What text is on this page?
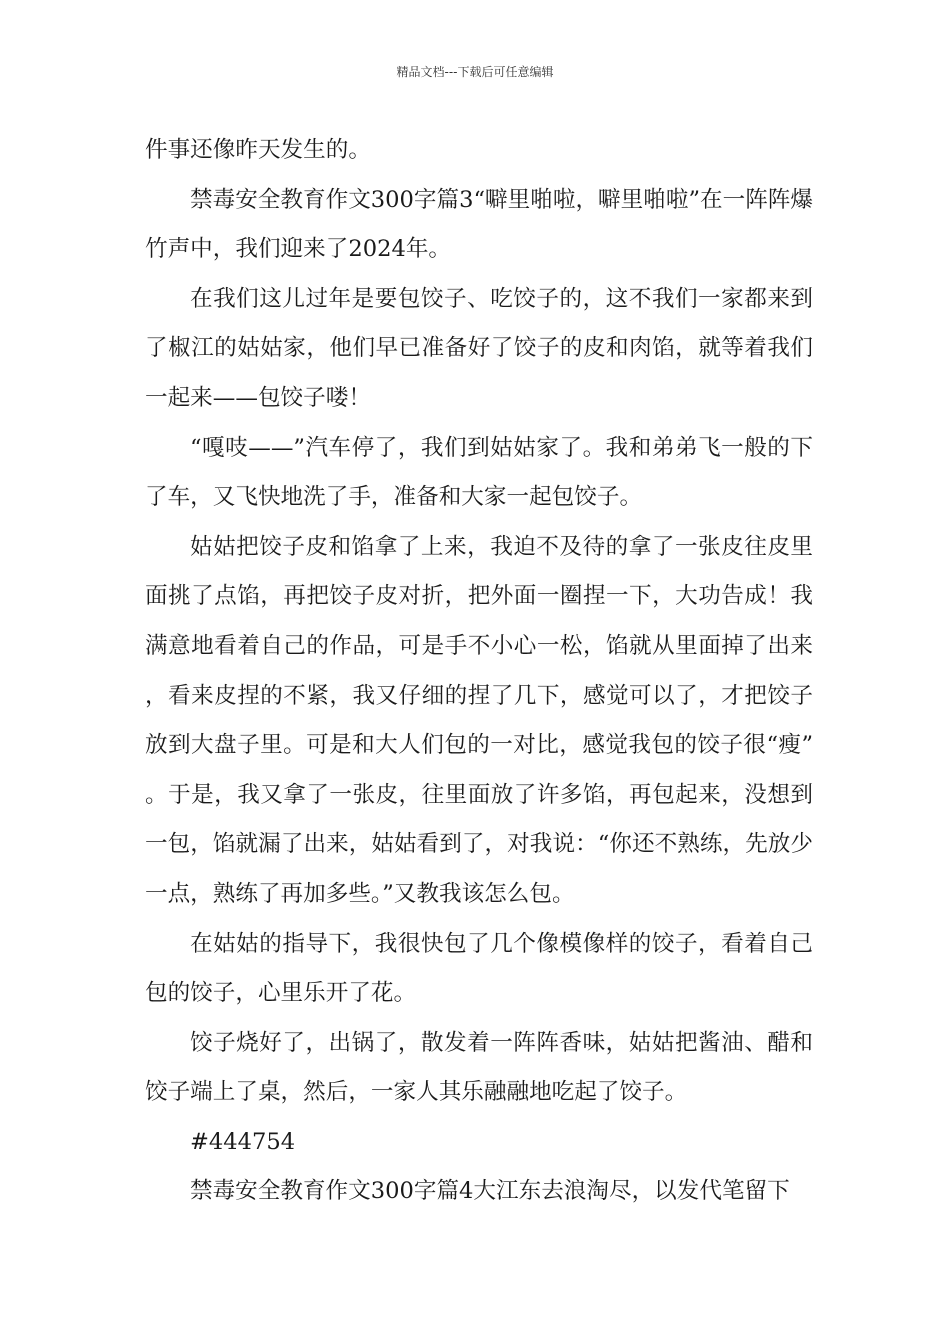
精品文档---下载后可任意编辑

件事还像昨天发生的。

禁毒安全教育作文300字篇3“噼里啪啦，噼里啪啦”在一阵阵爆竹声中，我们迎来了2024年。

在我们这儿过年是要包饺子、吃饺子的，这不我们一家都来到了椒江的姑姑家，他们早已准备好了饺子的皮和肉馅，就等着我们一起来——包饺子喽！

“嘎吱——”汽车停了，我们到姑姑家了。我和弟弟飞一般的下了车，又飞快地洗了手，准备和大家一起包饺子。

姑姑把饺子皮和馅拿了上来，我迫不及待的拿了一张皮往皮里面挑了点馅，再把饺子皮对折，把外面一圈捏一下，大功告成！我满意地看着自己的作品，可是手不小心一松，馅就从里面掉了出来，看来皮捏的不紧，我又仔细的捏了几下，感觉可以了，才把饺子放到大盘子里。可是和大人们包的一对比，感觉我包的饺子很“瘦”。于是，我又拿了一张皮，往里面放了许多馅，再包起来，没想到一包，馅就漏了出来，姑姑看到了，对我说：“你还不熟练，先放少一点，熟练了再加多些。”又教我该怎么包。

在姑姑的指导下，我很快包了几个像模像样的饺子，看着自己包的饺子，心里乐开了花。

饺子烧好了，出锅了，散发着一阵阵香味，姑姑把酱油、醋和饺子端上了桌，然后，一家人其乐融融地吃起了饺子。

#444754

禁毒安全教育作文300字篇4大江东去浪淘尽，以发代笔留下
